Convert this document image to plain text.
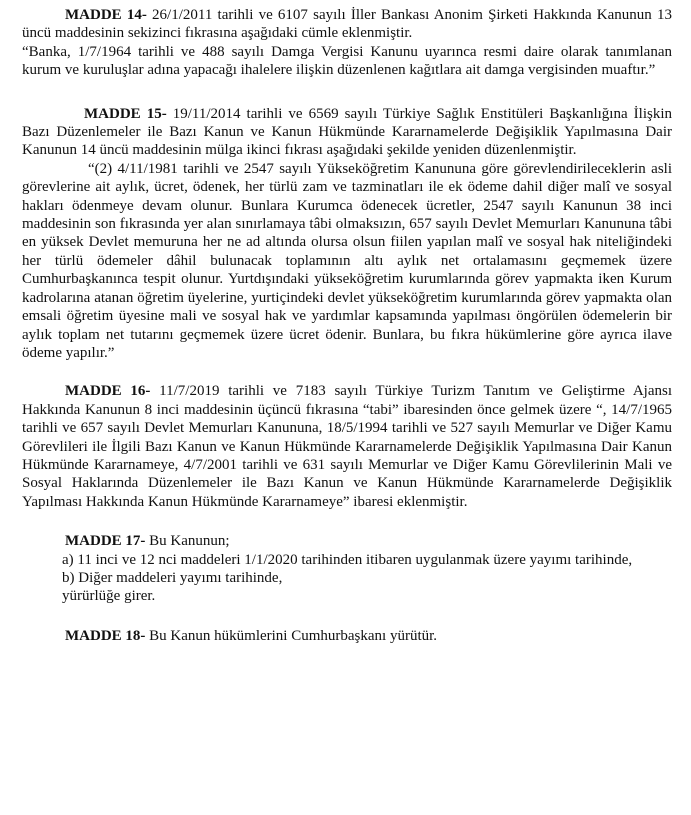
MADDE 14- 26/1/2011 tarihli ve 6107 sayılı İller Bankası Anonim Şirketi Hakkında Kanunun 13 üncü maddesinin sekizinci fıkrasına aşağıdaki cümle eklenmiştir.

“Banka, 1/7/1964 tarihli ve 488 sayılı Damga Vergisi Kanunu uyarınca resmi daire olarak tanımlanan kurum ve kuruluşlar adına yapacağı ihalelere ilişkin düzenlenen kağıtlara ait damga vergisinden muaftır.”

MADDE 15- 19/11/2014 tarihli ve 6569 sayılı Türkiye Sağlık Enstitüleri Başkanlığına İlişkin Bazı Düzenlemeler ile Bazı Kanun ve Kanun Hükmünde Kararnamelerde Değişiklik Yapılmasına Dair Kanunun 14 üncü maddesinin mülga ikinci fıkrası aşağıdaki şekilde yeniden düzenlenmiştir.

“(2) 4/11/1981 tarihli ve 2547 sayılı Yükseköğretim Kanununa göre görevlendirileceklerin asli görevlerine ait aylık, ücret, ödenek, her türlü zam ve tazminatları ile ek ödeme dahil diğer malî ve sosyal hakları ödenmeye devam olunur. Bunlara Kurumca ödenecek ücretler, 2547 sayılı Kanunun 38 inci maddesinin son fıkrasında yer alan sınırlamaya tâbi olmaksızın, 657 sayılı Devlet Memurları Kanununa tâbi en yüksek Devlet memuruna her ne ad altında olursa olsun fiilen yapılan malî ve sosyal hak niteliğindeki her türlü ödemeler dâhil bulunacak toplamının altı aylık net ortalamasını geçmemek üzere Cumhurbaşkanınca tespit olunur. Yurtdışındaki yükseköğretim kurumlarında görev yapmakta iken Kurum kadrolarına atanan öğretim üyelerine, yurtiçindeki devlet yükseköğretim kurumlarında görev yapmakta olan emsali öğretim üyesine mali ve sosyal hak ve yardımlar kapsamında yapılması öngörülen ödemelerin bir aylık toplam net tutarını geçmemek üzere ücret ödenir. Bunlara, bu fıkra hükümlerine göre ayrıca ilave ödeme yapılır.”

MADDE 16- 11/7/2019 tarihli ve 7183 sayılı Türkiye Turizm Tanıtım ve Geliştirme Ajansı Hakkında Kanunun 8 inci maddesinin üçüncü fıkrasına “tabi” ibaresinden önce gelmek üzere “, 14/7/1965 tarihli ve 657 sayılı Devlet Memurları Kanununa, 18/5/1994 tarihli ve 527 sayılı Memurlar ve Diğer Kamu Görevlileri ile İlgili Bazı Kanun ve Kanun Hükmünde Kararnamelerde Değişiklik Yapılmasına Dair Kanun Hükmünde Kararnameye, 4/7/2001 tarihli ve 631 sayılı Memurlar ve Diğer Kamu Görevlilerinin Mali ve Sosyal Haklarında Düzenlemeler ile Bazı Kanun ve Kanun Hükmünde Kararnamelerde Değişiklik Yapılması Hakkında Kanun Hükmünde Kararnameye” ibaresi eklenmiştir.

MADDE 17- Bu Kanunun;

a) 11 inci ve 12 nci maddeleri 1/1/2020 tarihinden itibaren uygulanmak üzere yayımı tarihinde,

b) Diğer maddeleri yayımı tarihinde,

yürürlüğe girer.

MADDE 18- Bu Kanun hükümlerini Cumhurbaşkanı yürütür.
